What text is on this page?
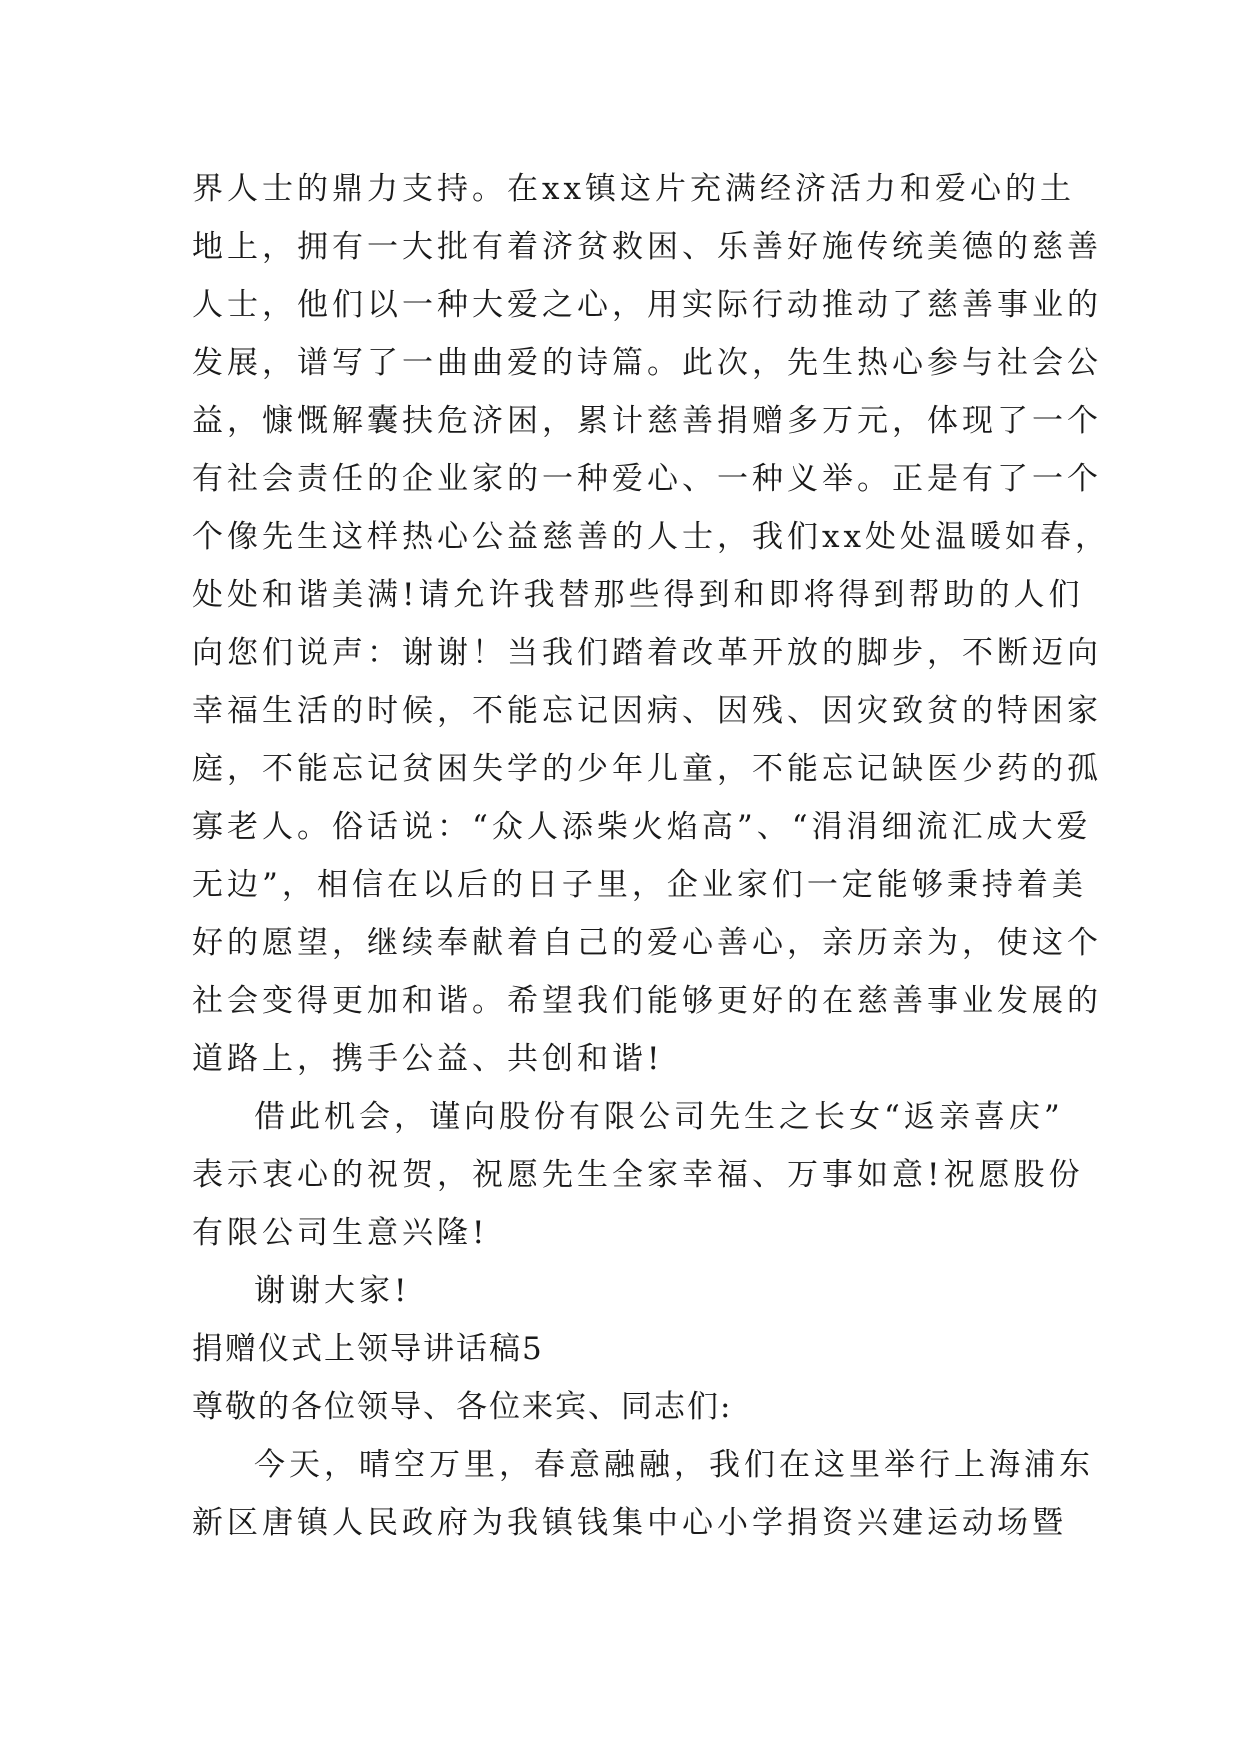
界人士的鼎力支持。在xx镇这片充满经济活力和爱心的土
地上，拥有一大批有着济贫救困、乐善好施传统美德的慈善
人士，他们以一种大爱之心，用实际行动推动了慈善事业的
发展，谱写了一曲曲爱的诗篇。此次，先生热心参与社会公
益，慷慨解囊扶危济困，累计慈善捐赠多万元，体现了一个
有社会责任的企业家的一种爱心、一种义举。正是有了一个
个像先生这样热心公益慈善的人士，我们xx处处温暖如春，
处处和谐美满!请允许我替那些得到和即将得到帮助的人们
向您们说声：谢谢！当我们踏着改革开放的脚步，不断迈向
幸福生活的时候，不能忘记因病、因残、因灾致贫的特困家
庭，不能忘记贫困失学的少年儿童，不能忘记缺医少药的孤
寡老人。俗话说：“众人添柴火焰高”、“涓涓细流汇成大爱
无边”，相信在以后的日子里，企业家们一定能够秉持着美
好的愿望，继续奉献着自己的爱心善心，亲历亲为，使这个
社会变得更加和谐。希望我们能够更好的在慈善事业发展的
道路上，携手公益、共创和谐!
借此机会，谨向股份有限公司先生之长女“返亲喜庆”
表示衷心的祝贺，祝愿先生全家幸福、万事如意!祝愿股份
有限公司生意兴隆!
谢谢大家!
捐赠仪式上领导讲话稿5
尊敬的各位领导、各位来宾、同志们:
今天，晴空万里，春意融融，我们在这里举行上海浦东
新区唐镇人民政府为我镇钱集中心小学捐资兴建运动场暨
